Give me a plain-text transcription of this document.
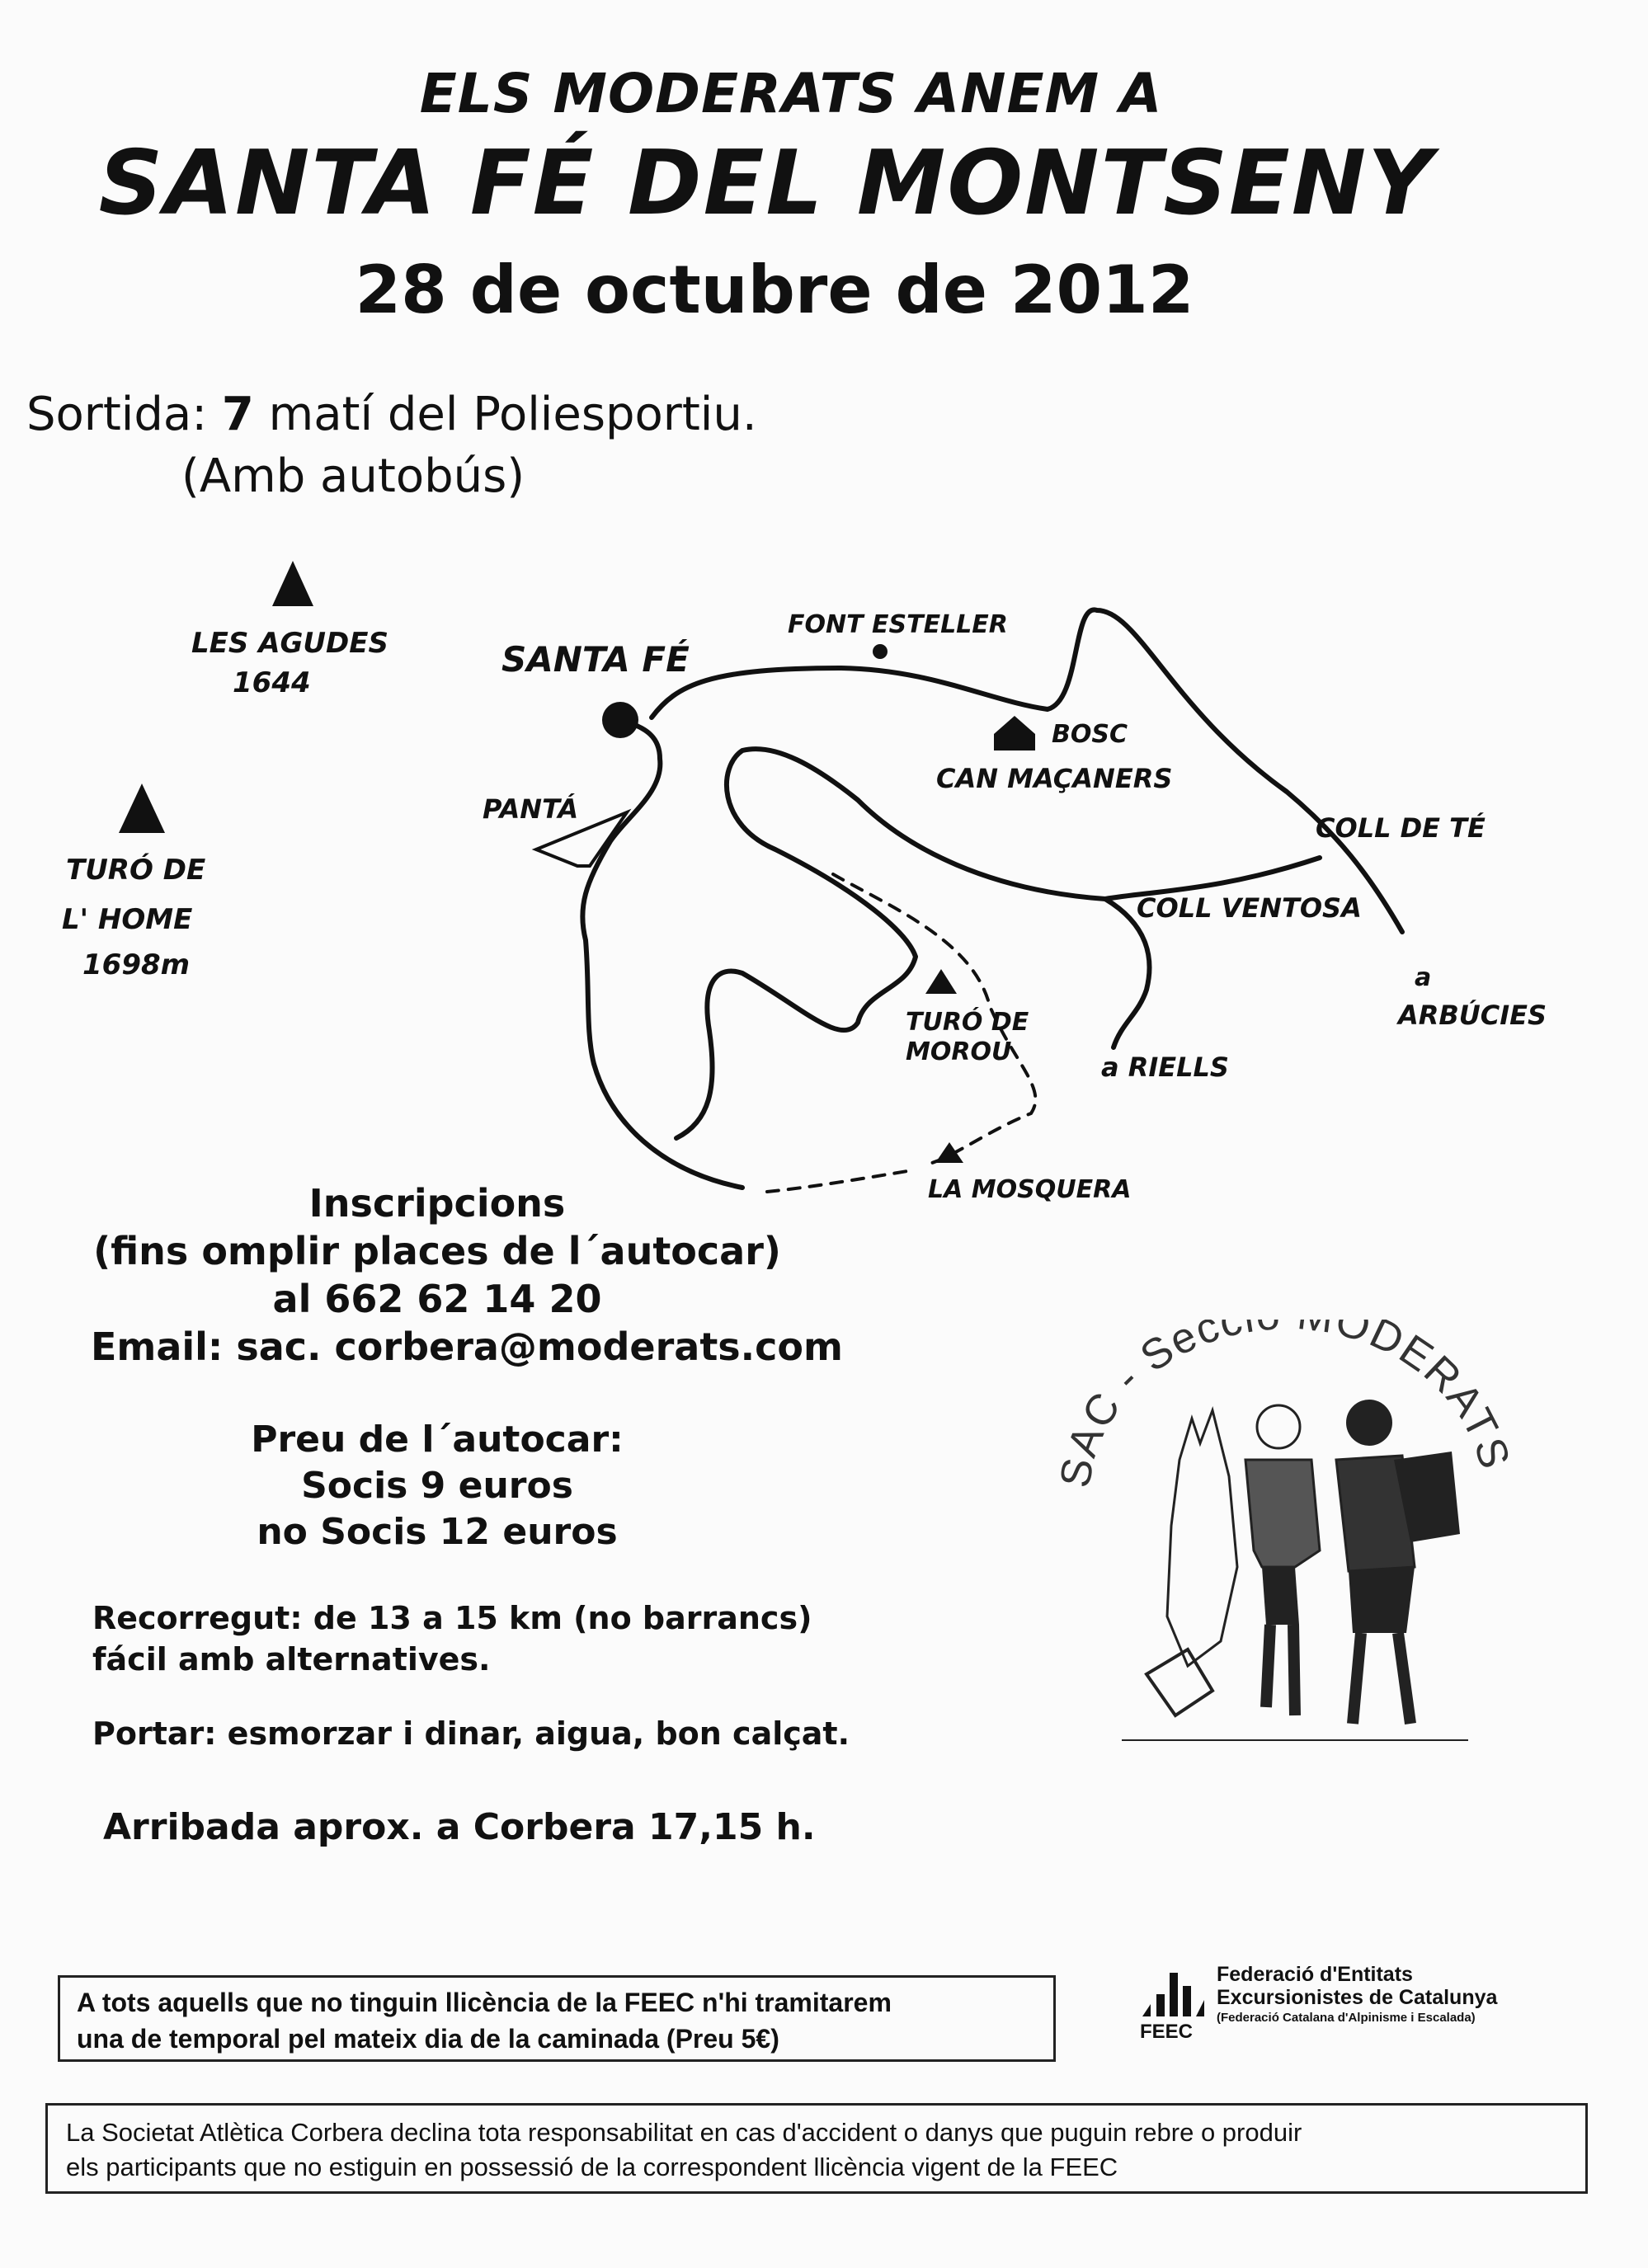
ELS MODERATS ANEM A
SANTA FÉ DEL MONTSENY
28 de octubre de 2012
Sortida: 7 matí del Poliesportiu.
(Amb autobús)
LES AGUDES
1644
TURÓ DE
L' HOME
1698m
SANTA FÉ
FONT ESTELLER
BOSC
CAN MAÇANERS
PANTÁ
COLL DE TÉ
COLL VENTOSA
a
ARBÚCIES
TURÓ DE
MOROU	a RIELLS
LA MOSQUERA
Inscripcions
(fins omplir places de l´autocar)
al 662 62 14 20
Email: sac. corbera@moderats.com
Preu de l´autocar:
Socis 9 euros
no Socis 12 euros
Recorregut: de 13 a 15 km (no barrancs)
fácil amb alternatives.
Portar: esmorzar i dinar, aigua, bon calçat.
Arribada aprox. a Corbera 17,15 h.
SAC - Secc ODERATS
A tots aquells que no tinguin llicència de la FEEC n'hi tramitarem
una de temporal pel mateix dia de la caminada (Preu 5€)
Federació d'Entitats
Excursionistes de Catalunya
(Federació Catalana d'Alpinisme i Escalada)
FEEC
La Societat Atlètica Corbera declina tota responsabilitat en cas d'accident o danys que puguin rebre o produir
els participants que no estiguin en possessió de la correspondent llicència vigent de la FEEC
